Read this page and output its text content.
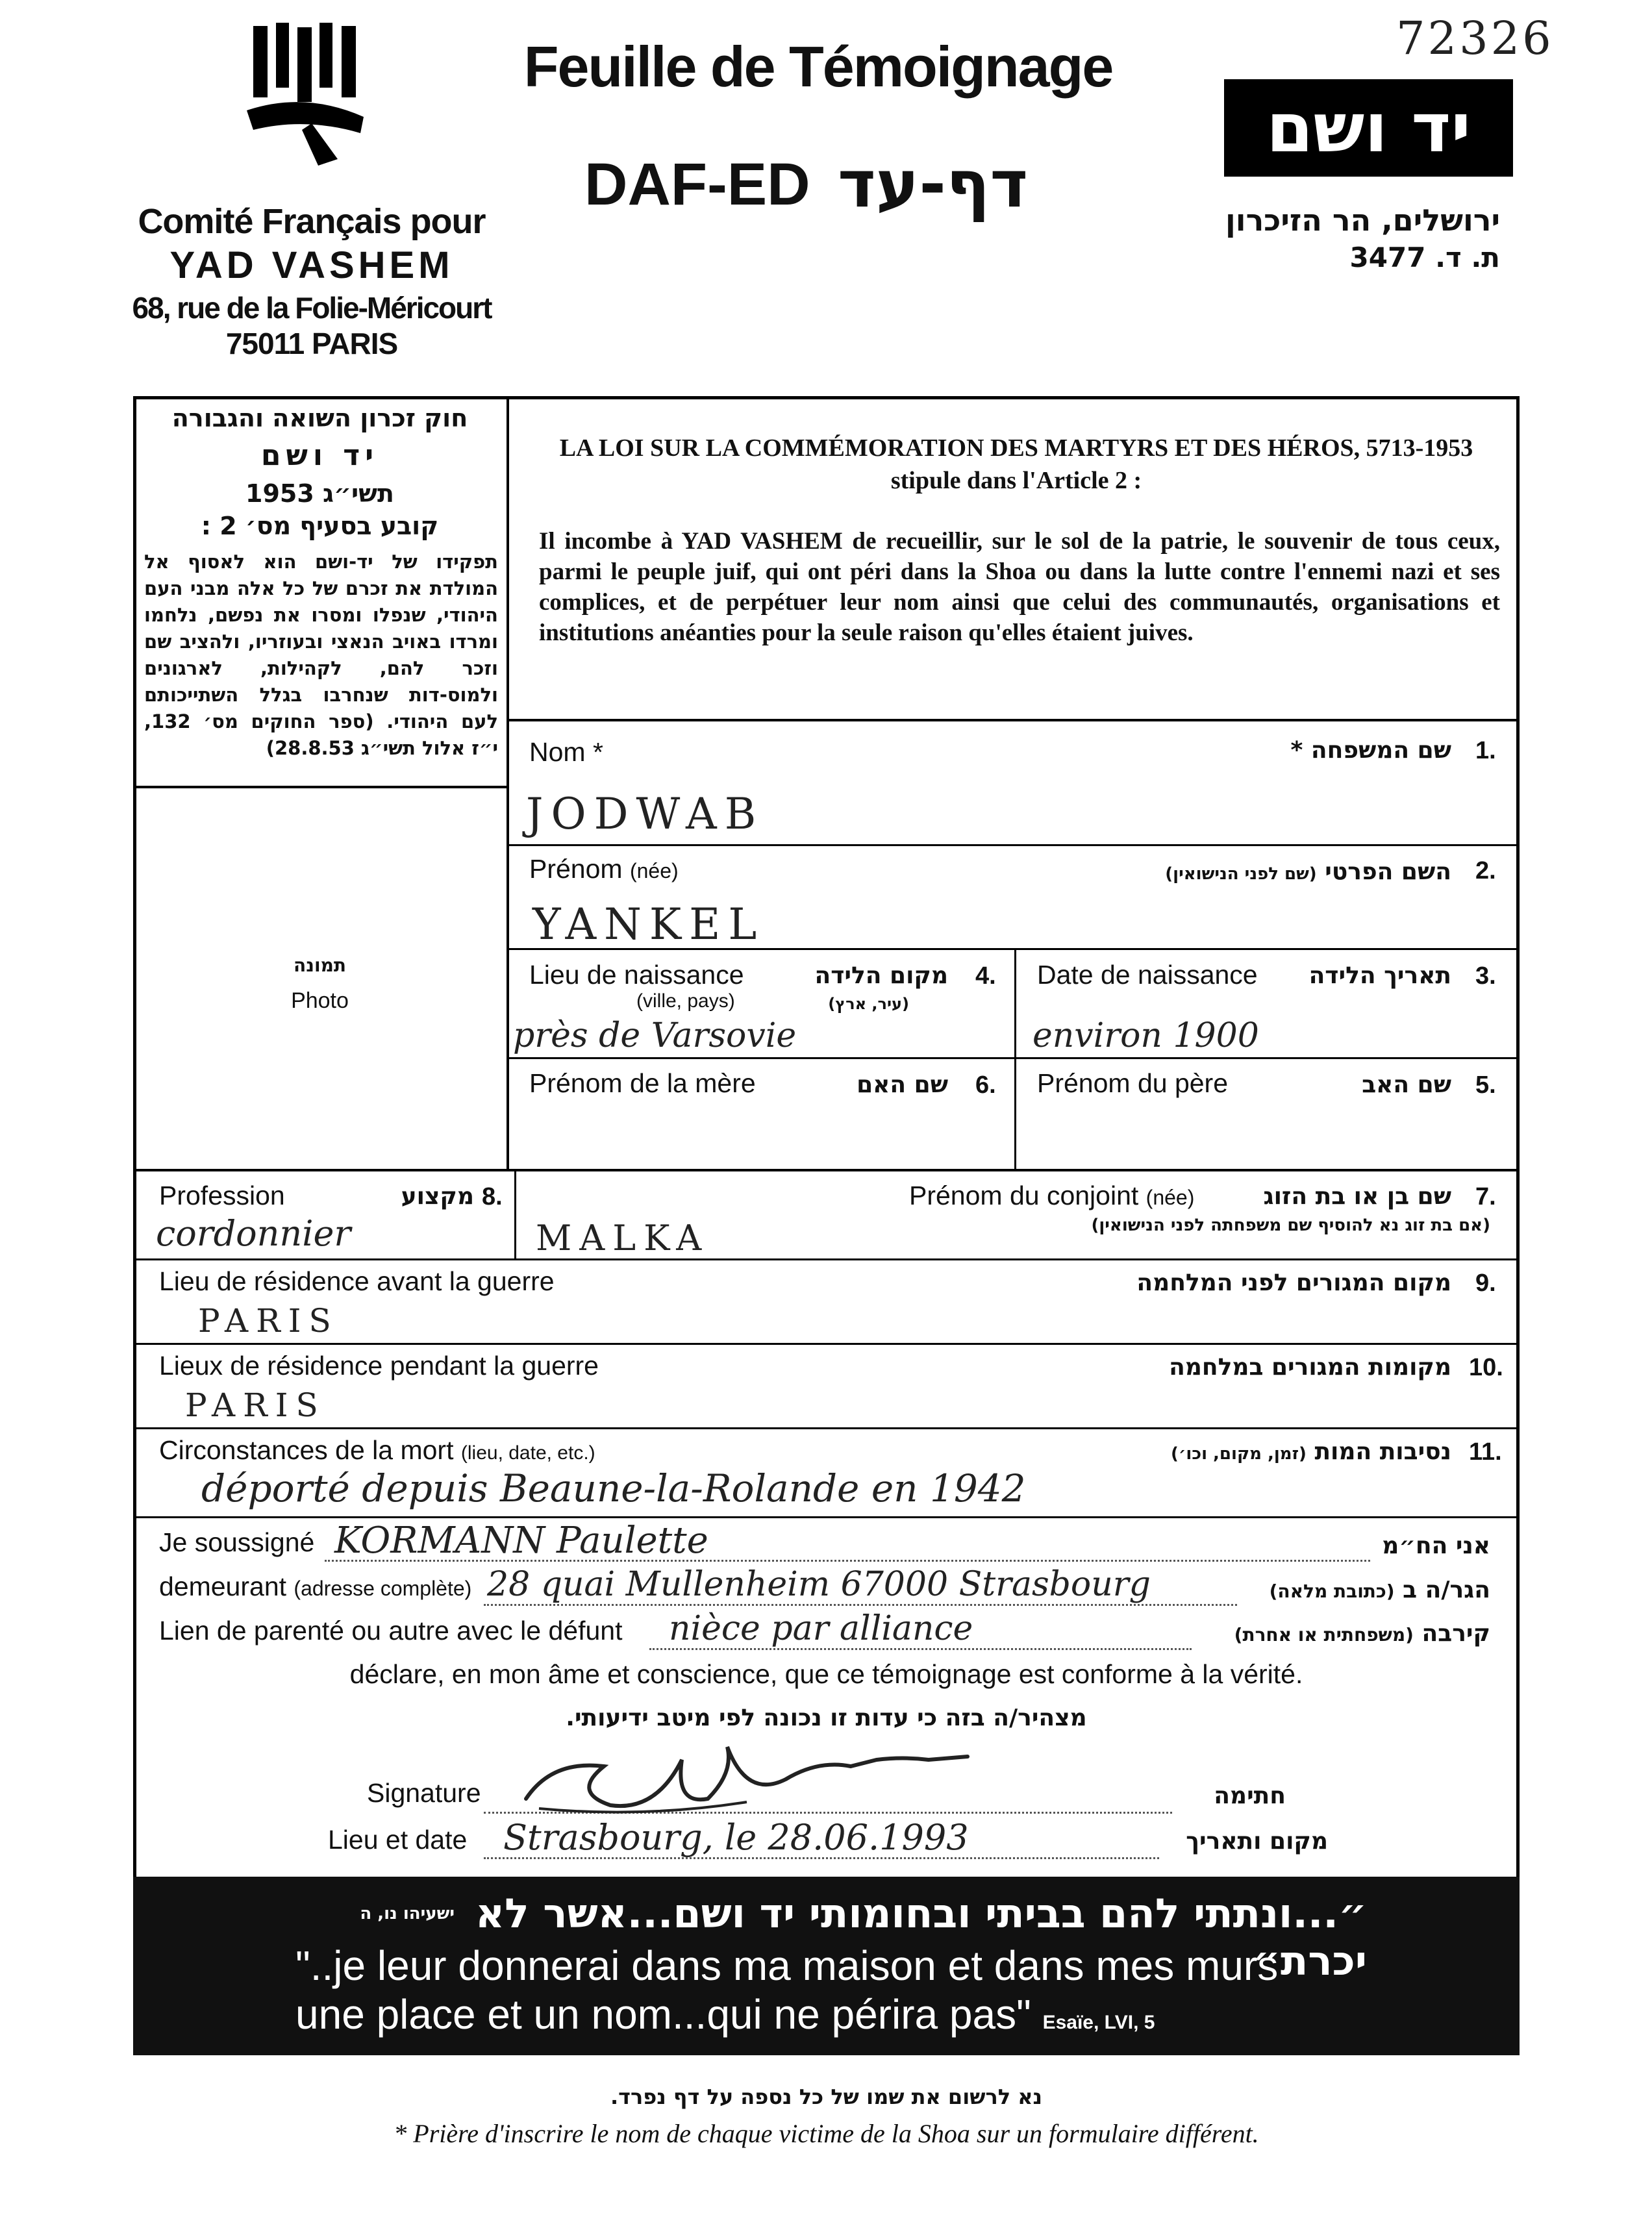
72326
Comité Français pour
YAD VASHEM
68, rue de la Folie-Méricourt
75011 PARIS
Feuille de Témoignage
DAF-ED דף-עד
יד ושם
ירושלים, הר הזיכרון
ת. ד. 3477
חוק זכרון השואה והגבורה
יד ושם
תשי״ג 1953
קובע בסעיף מס׳ 2 :
תפקידו של יד-ושם הוא לאסוף אל המולדת את זכרם של כל אלה מבני העם היהודי, שנפלו ומסרו את נפשם, נלחמו ומרדו באויב הנאצי ובעוזריו, ולהציב שם וזכר להם, לקהילות, לארגונים ולמוס-דות שנחרבו בגלל השתייכותם לעם היהודי. (ספר החוקים מס׳ 132, י״ז אלול תשי״ג 28.8.53)
LA LOI SUR LA COMMÉMORATION DES MARTYRS ET DES HÉROS, 5713-1953
stipule dans l'Article 2 :
Il incombe à YAD VASHEM de recueillir, sur le sol de la patrie, le souvenir de tous ceux, parmi le peuple juif, qui ont péri dans la Shoa ou dans la lutte contre l'ennemi nazi et ses complices, et de perpétuer leur nom ainsi que celui des communautés, organisations et institutions anéanties pour la seule raison qu'elles étaient juives.
תמונה
Photo
Nom *	שם המשפחה * 1.
JODWAB
Prénom (née)	השם הפרטי (שם לפני הנישואין)	2.
YANKEL
Lieu de naissance
(ville, pays)
מקום הלידה
(עיר, ארץ)
4.
près de Varsovie
Date de naissance	תאריך הלידה 3.
environ 1900
Prénom de la mère	שם האם 6. Prénom du père	שם האב 5.
Profession	מקצוע 8.
cordonnier
Prénom du conjoint (née)	שם בן או בת הזוג
(אם בת זוג נא להוסיף שם משפחתה לפני הנישואין)
7.
MALKA
Lieu de résidence avant la guerre	מקום המגורים לפני המלחמה 9.
PARIS
Lieux de résidence pendant la guerre	מקומות המגורים במלחמה 10.
PARIS
Circonstances de la mort (lieu, date, etc.)	נסיבות המות (זמן, מקום, וכו׳)	11.
déporté depuis Beaune-la-Rolande en 1942
Je soussigné KORMANN Paulette	אני הח״מ
demeurant (adresse complète) 28 quai Mullenheim 67000 Strasbourg	הגר/ה ב (כתובת מלאה)
Lien de parenté ou autre avec le défunt nièce par alliance	קירבה (משפחתית או אחרת)
déclare, en mon âme et conscience, que ce témoignage est conforme à la vérité.
מצהיר/ה בזה כי עדות זו נכונה לפי מיטב ידיעותי.
Signature	חתימה
Lieu et date Strasbourg, le 28.06.1993	מקום ותאריך
״...ונתתי להם בביתי ובחומותי יד ושם...אשר לא יכרת״
ישעיהו נו, ה
"..je leur donnerai dans ma maison et dans mes murs
une place et un nom...qui ne périra pas" Esaïe, LVI, 5
נא לרשום את שמו של כל נספה על דף נפרד.
* Prière d'inscrire le nom de chaque victime de la Shoa sur un formulaire différent.
